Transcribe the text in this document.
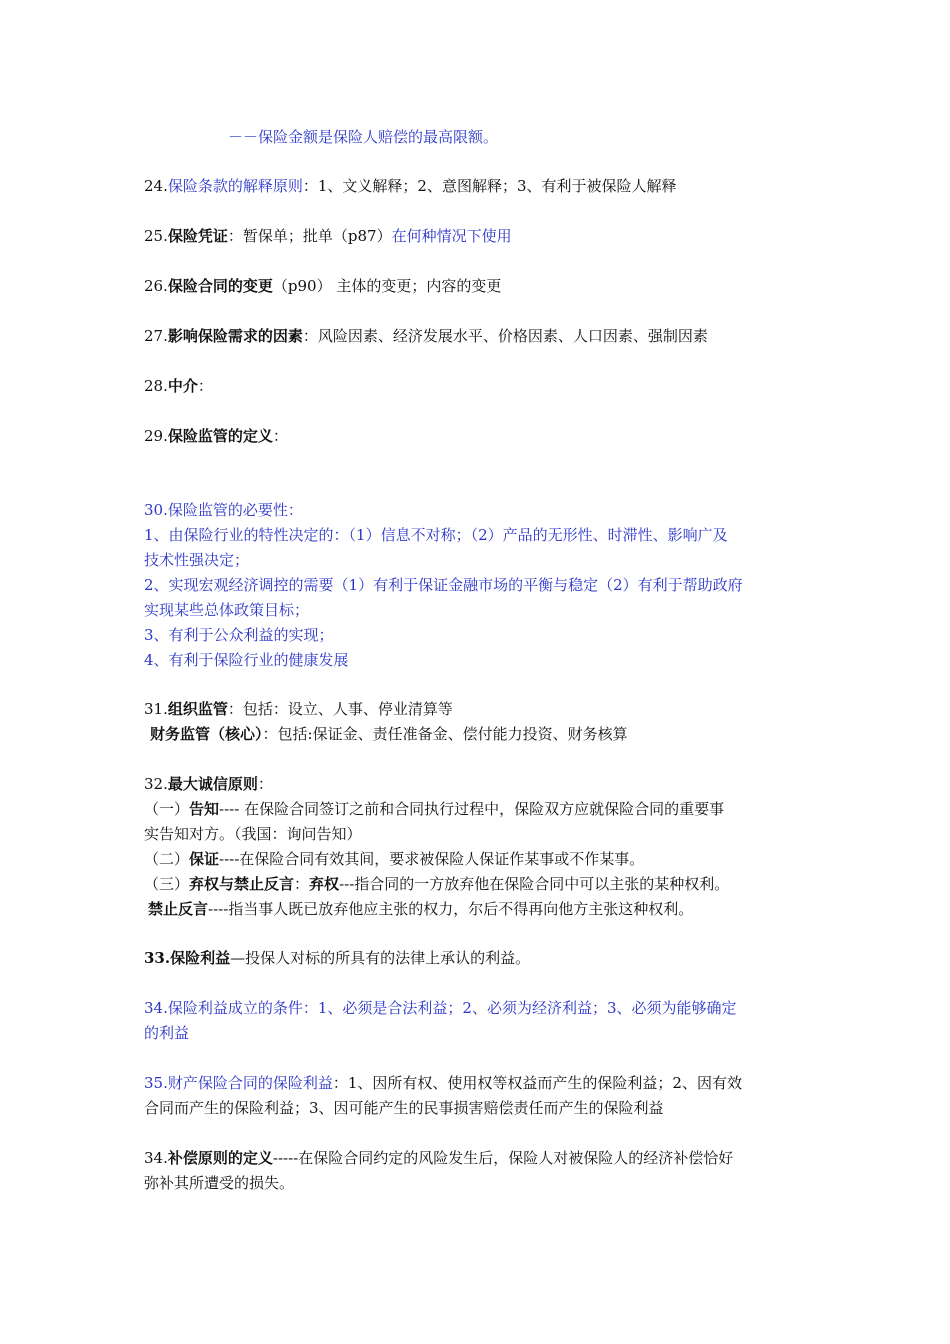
－－保险金额是保险人赔偿的最高限额。

24.保险条款的解释原则：1、文义解释；2、意图解释；3、有利于被保险人解释

25.保险凭证：暂保单；批单（p87）在何种情况下使用

26.保险合同的变更（p90） 主体的变更；内容的变更

27.影响保险需求的因素：风险因素、经济发展水平、价格因素、人口因素、强制因素

28.中介：

29.保险监管的定义：

30.保险监管的必要性：

1、由保险行业的特性决定的：（1）信息不对称；（2）产品的无形性、时滞性、影响广及

技术性强决定；

2、实现宏观经济调控的需要（1）有利于保证金融市场的平衡与稳定（2）有利于帮助政府

实现某些总体政策目标；

3、有利于公众利益的实现；

4、有利于保险行业的健康发展

31.组织监管：包括：设立、人事、停业清算等

财务监管（核心）：包括:保证金、责任准备金、偿付能力投资、财务核算

32.最大诚信原则：

（一）告知---- 在保险合同签订之前和合同执行过程中，保险双方应就保险合同的重要事

实告知对方。（我国：询问告知）

（二）保证----在保险合同有效其间，要求被保险人保证作某事或不作某事。

（三）弃权与禁止反言：弃权---指合同的一方放弃他在保险合同中可以主张的某种权利。

禁止反言----指当事人既已放弃他应主张的权力，尔后不得再向他方主张这种权利。

33.保险利益—投保人对标的所具有的法律上承认的利益。

34.保险利益成立的条件：1、必须是合法利益；2、必须为经济利益；3、必须为能够确定

的利益

35.财产保险合同的保险利益：1、因所有权、使用权等权益而产生的保险利益；2、因有效

合同而产生的保险利益；3、因可能产生的民事损害赔偿责任而产生的保险利益

34.补偿原则的定义-----在保险合同约定的风险发生后，保险人对被保险人的经济补偿恰好

弥补其所遭受的损失。
